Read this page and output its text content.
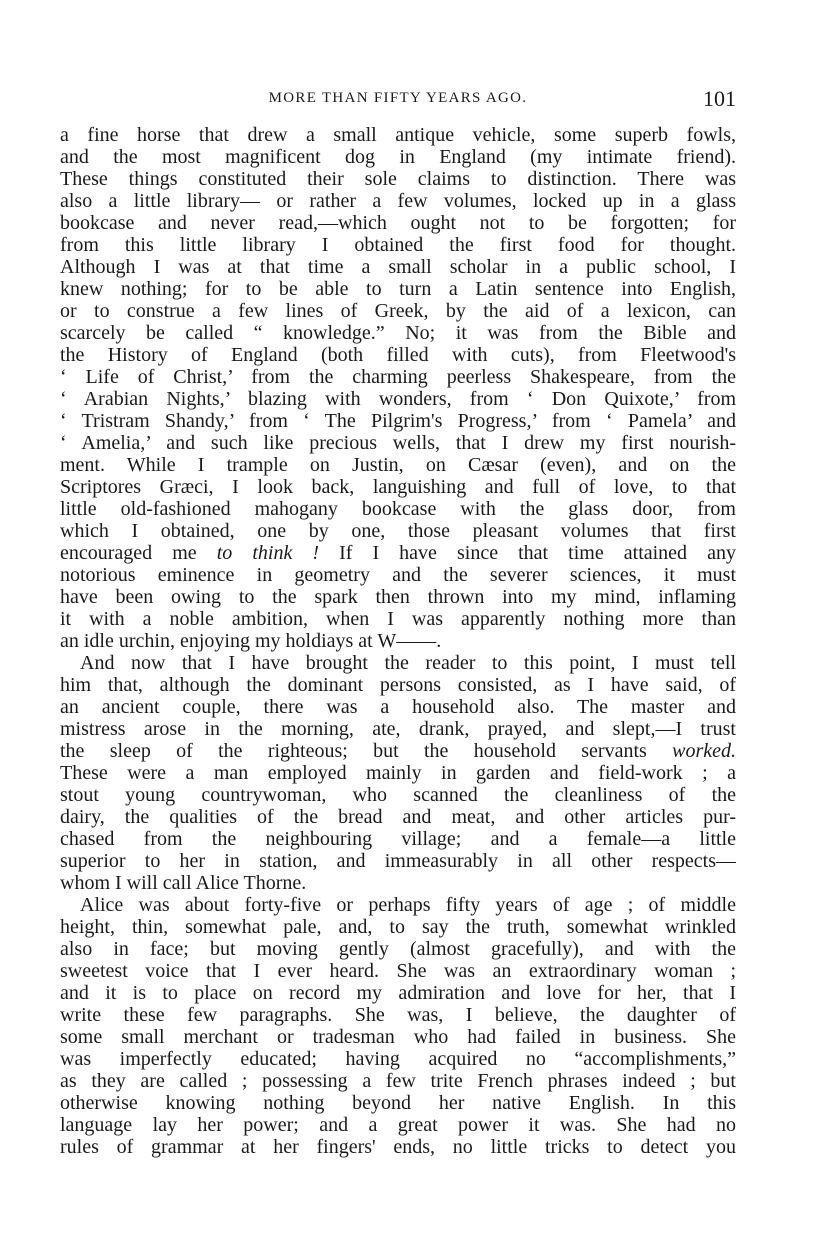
MORE THAN FIFTY YEARS AGO.	101
a fine horse that drew a small antique vehicle, some superb fowls,
and the most magnificent dog in England (my intimate friend).
These things constituted their sole claims to distinction. There was
also a little library— or rather a few volumes, locked up in a glass
bookcase and never read,—which ought not to be forgotten; for
from this little library I obtained the first food for thought.
Although I was at that time a small scholar in a public school, I
knew nothing; for to be able to turn a Latin sentence into English,
or to construe a few lines of Greek, by the aid of a lexicon, can
scarcely be called “ knowledge.” No; it was from the Bible and
the History of England (both filled with cuts), from Fleetwood's
‘ Life of Christ,’ from the charming peerless Shakespeare, from the
‘ Arabian Nights,’ blazing with wonders, from ‘ Don Quixote,’ from
‘ Tristram Shandy,’ from ‘ The Pilgrim's Progress,’ from ‘ Pamela’ and
‘ Amelia,’ and such like precious wells, that I drew my first nourish-
ment. While I trample on Justin, on Cæsar (even), and on the
Scriptores Græci, I look back, languishing and full of love, to that
little old-fashioned mahogany bookcase with the glass door, from
which I obtained, one by one, those pleasant volumes that first
encouraged me to think ! If I have since that time attained any
notorious eminence in geometry and the severer sciences, it must
have been owing to the spark then thrown into my mind, inflaming
it with a noble ambition, when I was apparently nothing more than
an idle urchin, enjoying my holdiays at W——.
And now that I have brought the reader to this point, I must tell
him that, although the dominant persons consisted, as I have said, of
an ancient couple, there was a household also. The master and
mistress arose in the morning, ate, drank, prayed, and slept,—I trust
the sleep of the righteous; but the household servants worked.
These were a man employed mainly in garden and field-work ; a
stout young countrywoman, who scanned the cleanliness of the
dairy, the qualities of the bread and meat, and other articles pur-
chased from the neighbouring village; and a female—a little
superior to her in station, and immeasurably in all other respects—
whom I will call Alice Thorne.
Alice was about forty-five or perhaps fifty years of age ; of middle
height, thin, somewhat pale, and, to say the truth, somewhat wrinkled
also in face; but moving gently (almost gracefully), and with the
sweetest voice that I ever heard. She was an extraordinary woman ;
and it is to place on record my admiration and love for her, that I
write these few paragraphs. She was, I believe, the daughter of
some small merchant or tradesman who had failed in business. She
was imperfectly educated; having acquired no “accomplishments,”
as they are called ; possessing a few trite French phrases indeed ; but
otherwise knowing nothing beyond her native English. In this
language lay her power; and a great power it was. She had no
rules of grammar at her fingers' ends, no little tricks to detect you
